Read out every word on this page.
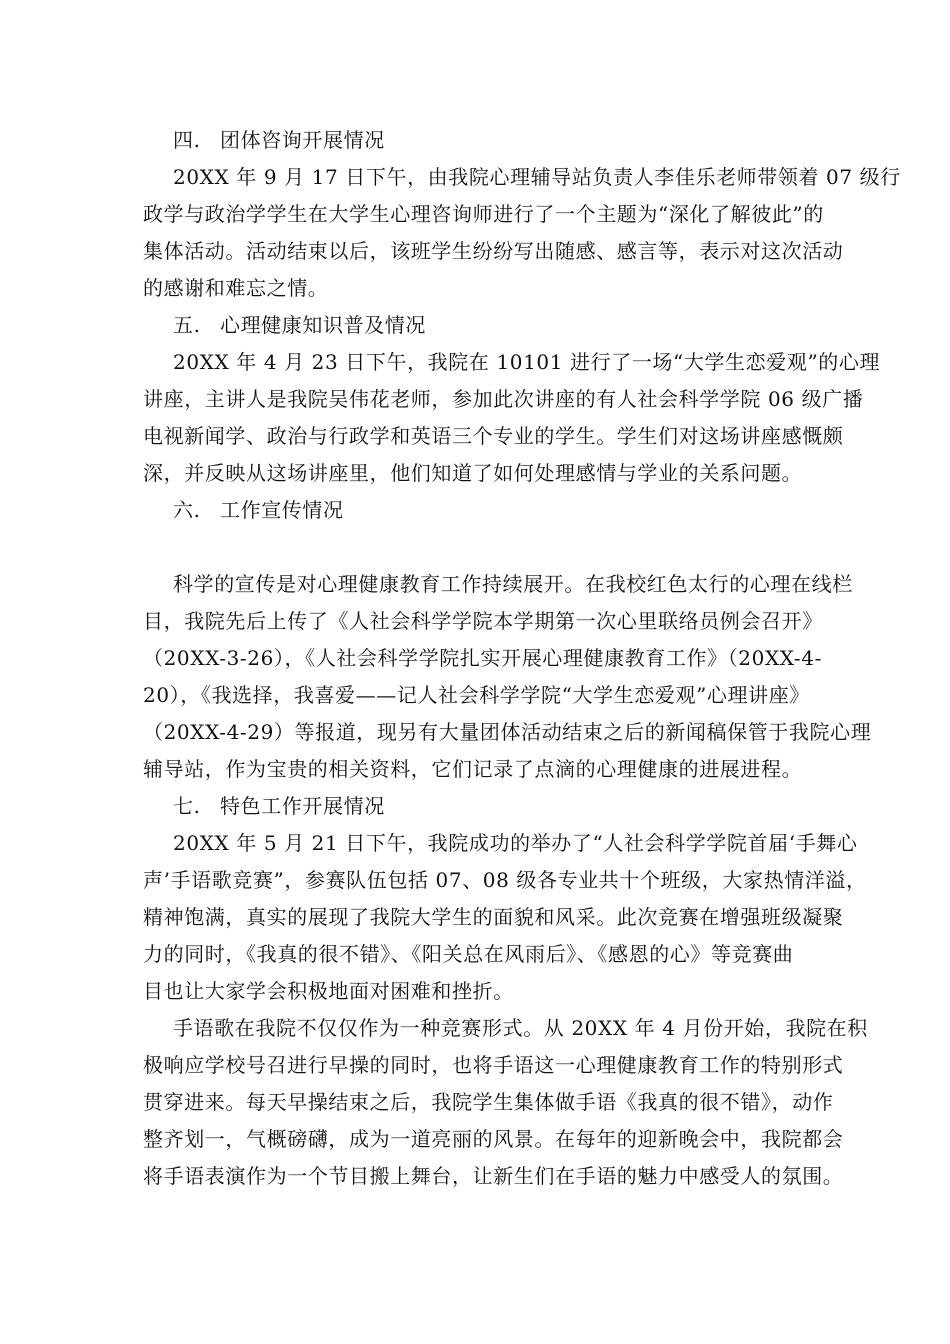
四. 团体咨询开展情况
20XX 年 9 月 17 日下午，由我院心理辅导站负责人李佳乐老师带领着 07 级行
政学与政治学学生在大学生心理咨询师进行了一个主题为“深化了解彼此”的
集体活动。活动结束以后，该班学生纷纷写出随感、感言等，表示对这次活动
的感谢和难忘之情。
五. 心理健康知识普及情况
20XX 年 4 月 23 日下午，我院在 10101 进行了一场“大学生恋爱观”的心理
讲座，主讲人是我院吴伟花老师，参加此次讲座的有人社会科学学院 06 级广播
电视新闻学、政治与行政学和英语三个专业的学生。学生们对这场讲座感慨颇
深，并反映从这场讲座里，他们知道了如何处理感情与学业的关系问题。
六. 工作宣传情况
科学的宣传是对心理健康教育工作持续展开。在我校红色太行的心理在线栏
目，我院先后上传了《人社会科学学院本学期第一次心里联络员例会召开》
（20XX-3-26），《人社会科学学院扎实开展心理健康教育工作》（20XX-4-
20），《我选择，我喜爱——记人社会科学学院“大学生恋爱观”心理讲座》
（20XX-4-29）等报道，现另有大量团体活动结束之后的新闻稿保管于我院心理
辅导站，作为宝贵的相关资料，它们记录了点滴的心理健康的进展进程。
七. 特色工作开展情况
20XX 年 5 月 21 日下午，我院成功的举办了“人社会科学学院首届‘手舞心
声’手语歌竞赛”，参赛队伍包括 07、08 级各专业共十个班级，大家热情洋溢，
精神饱满，真实的展现了我院大学生的面貌和风采。此次竞赛在增强班级凝聚
力的同时，《我真的很不错》、《阳关总在风雨后》、《感恩的心》等竞赛曲
目也让大家学会积极地面对困难和挫折。
手语歌在我院不仅仅作为一种竞赛形式。从 20XX 年 4 月份开始，我院在积
极响应学校号召进行早操的同时，也将手语这一心理健康教育工作的特别形式
贯穿进来。每天早操结束之后，我院学生集体做手语《我真的很不错》，动作
整齐划一，气概磅礴，成为一道亮丽的风景。在每年的迎新晚会中，我院都会
将手语表演作为一个节目搬上舞台，让新生们在手语的魅力中感受人的氛围。
